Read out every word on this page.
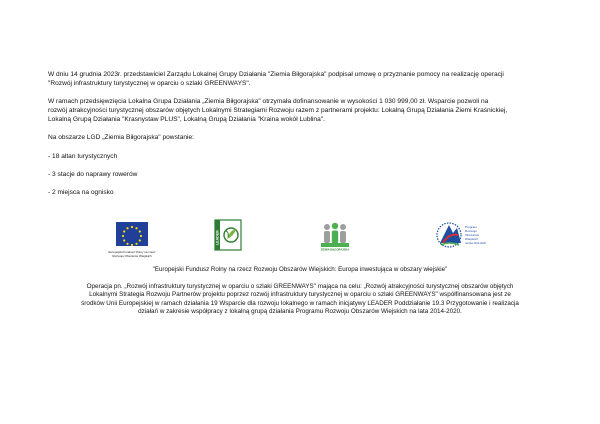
W dniu 14 grudnia 2023r. przedstawiciel Zarządu Lokalnej Grupy Działania "Ziemia Biłgorajska" podpisał umowę o przyznanie pomocy na realizację operacji
"Rozwój infrastruktury turystycznej w oparciu o szlaki GREENWAYS".
W ramach przedsięwzięcia Lokalna Grupa Działania „Ziemia Biłgorajska" otrzymała dofinansowanie w wysokości 1 030 999,00 zł. Wsparcie pozwoli na
rozwój atrakcyjności turystycznej obszarów objętych Lokalnymi Strategiami Rozwoju razem z partnerami projektu: Lokalną Grupą Działania Ziemi Kraśnickiej,
Lokalną Grupą Działania "Krasnystaw PLUS", Lokalną Grupą Działania "Kraina wokół Lublina".
Na obszarze LGD „Ziemia Biłgorajska" powstanie:
- 18 altan turystycznych
- 3 stacje do naprawy rowerów
- 2 miejsca na ognisko
Europejski Fundusz Rolny na rzecz
Rozwoju Obszarów Wiejskich
LEADER
ZIEMIA BIŁGORAJSKA
Program
Rozwoju
Obszarów
Wiejskich
na lata 2014-2020
"Europejski Fundusz Rolny na rzecz Rozwoju Obszarów Wiejskich: Europa inwestująca w obszary wiejskie"
Operacja pn. „Rozwój infrastruktury turystycznej w oparciu o szlaki GREENWAYS" mająca na celu: „Rozwój atrakcyjności turystycznej obszarów objętych
Lokalnymi Strategia Rozwoju Partnerów projektu poprzez rozwój infrastruktury turystycznej w oparciu o szlaki GREENWAYS" współfinansowana jest ze
środków Unii Europejskiej w ramach działania 19 Wsparcie dla rozwoju lokalnego w ramach inicjatywy LEADER Poddziałanie 19.3 Przygotowanie i realizacja
działań w zakresie współpracy z lokalną grupą działania Programu Rozwoju Obszarów Wiejskich na lata 2014-2020.
